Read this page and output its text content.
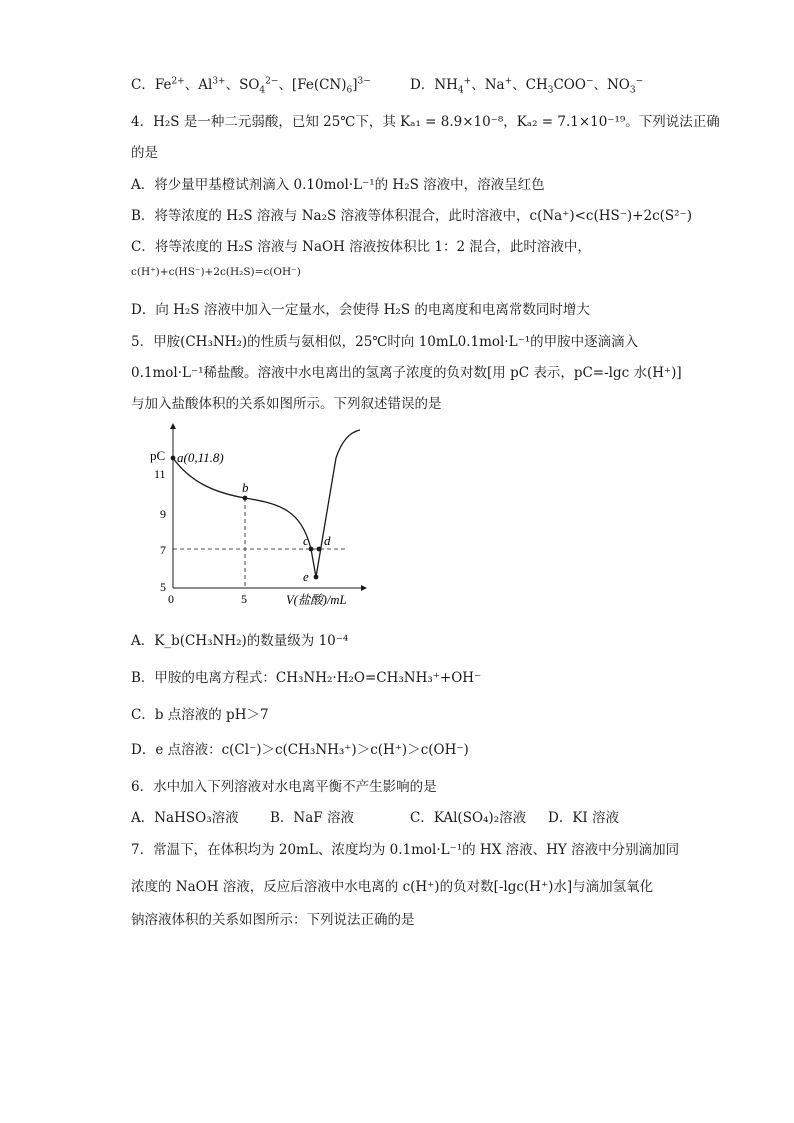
C．$Fe^{2+}$、$Al^{3+}$、$SO_4^{2-}$、$[Fe(CN)_6]^{3-}$	D．$NH_4^+$、Na+、$CH_3COO^-$、$NO_3^-$
4．H₂S 是一种二元弱酸，已知 25℃下，其 Kₐ₁ = 8.9×10⁻⁸，Kₐ₂ = 7.1×10⁻¹⁹。下列说法正确
的是
A．将少量甲基橙试剂滴入 0.10mol·L⁻¹的 H₂S 溶液中，溶液呈红色
B．将等浓度的 H₂S 溶液与 Na₂S 溶液等体积混合，此时溶液中，c(Na⁺)<c(HS⁻)+2c(S²⁻)
C．将等浓度的 H₂S 溶液与 NaOH 溶液按体积比 1：2 混合，此时溶液中，
c(H⁺)+c(HS⁻)+2c(H₂S)=c(OH⁻)
D．向 H₂S 溶液中加入一定量水，会使得 H₂S 的电离度和电离常数同时增大
5．甲胺(CH₃NH₂)的性质与氨相似，25℃时向 10mL0.1mol·L⁻¹的甲胺中逐滴滴入
0.1mol·L⁻¹稀盐酸。溶液中水电离出的氢离子浓度的负对数[用 pC 表示，pC=-lgc 水(H⁺)]
与加入盐酸体积的关系如图所示。下列叙述错误的是
pC a(0,11.8)
b
c d
e
11
9
7
5
0	5	V(盐酸)/mL
A．K_b(CH₃NH₂)的数量级为 10⁻⁴
B．甲胺的电离方程式：CH₃NH₂·H₂O=CH₃NH₃⁺+OH⁻
C．b 点溶液的 pH＞7
D．e 点溶液：c(Cl⁻)＞c(CH₃NH₃⁺)＞c(H⁺)＞c(OH⁻)
6．水中加入下列溶液对水电离平衡不产生影响的是
A．NaHSO₃溶液 B．NaF 溶液	C．KAl(SO₄)₂溶液 D．KI 溶液
7．常温下，在体积均为 20mL、浓度均为 0.1mol·L⁻¹的 HX 溶液、HY 溶液中分别滴加同
浓度的 NaOH 溶液，反应后溶液中水电离的 c(H⁺)的负对数[-lgc(H⁺)水]与滴加氢氧化
钠溶液体积的关系如图所示：下列说法正确的是
